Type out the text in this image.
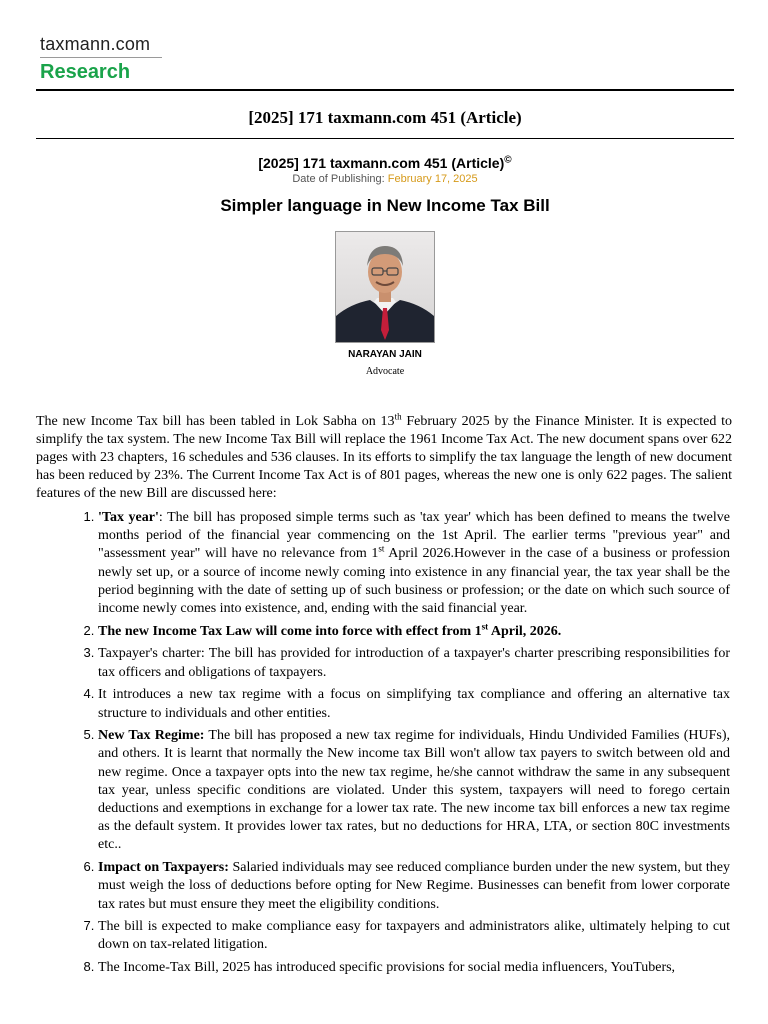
taxmann.com
Research
[2025] 171 taxmann.com 451 (Article)
[2025] 171 taxmann.com 451 (Article)©
Date of Publishing: February 17, 2025
Simpler language in New Income Tax Bill
NARAYAN JAIN
Advocate

The new Income Tax bill has been tabled in Lok Sabha on 13th February 2025 by the Finance Minister. It is expected to simplify the tax system. The new Income Tax Bill will replace the 1961 Income Tax Act. The new document spans over 622 pages with 23 chapters, 16 schedules and 536 clauses. In its efforts to simplify the tax language the length of new document has been reduced by 23%. The Current Income Tax Act is of 801 pages, whereas the new one is only 622 pages. The salient features of the new Bill are discussed here:

1. 'Tax year': The bill has proposed simple terms such as 'tax year' which has been defined to means the twelve months period of the financial year commencing on the 1st April. The earlier terms "previous year" and "assessment year" will have no relevance from 1st April 2026.However in the case of a business or profession newly set up, or a source of income newly coming into existence in any financial year, the tax year shall be the period beginning with the date of setting up of such business or profession; or the date on which such source of income newly comes into existence, and, ending with the said financial year.
2. The new Income Tax Law will come into force with effect from 1st April, 2026.
3. Taxpayer's charter: The bill has provided for introduction of a taxpayer's charter prescribing responsibilities for tax officers and obligations of taxpayers.
4. It introduces a new tax regime with a focus on simplifying tax compliance and offering an alternative tax structure to individuals and other entities.
5. New Tax Regime: The bill has proposed a new tax regime for individuals, Hindu Undivided Families (HUFs), and others. It is learnt that normally the New income tax Bill won't allow tax payers to switch between old and new regime. Once a taxpayer opts into the new tax regime, he/she cannot withdraw the same in any subsequent tax year, unless specific conditions are violated. Under this system, taxpayers will need to forego certain deductions and exemptions in exchange for a lower tax rate. The new income tax bill enforces a new tax regime as the default system. It provides lower tax rates, but no deductions for HRA, LTA, or section 80C investments etc..
6. Impact on Taxpayers: Salaried individuals may see reduced compliance burden under the new system, but they must weigh the loss of deductions before opting for New Regime. Businesses can benefit from lower corporate tax rates but must ensure they meet the eligibility conditions.
7. The bill is expected to make compliance easy for taxpayers and administrators alike, ultimately helping to cut down on tax-related litigation.
8. The Income-Tax Bill, 2025 has introduced specific provisions for social media influencers, YouTubers,
